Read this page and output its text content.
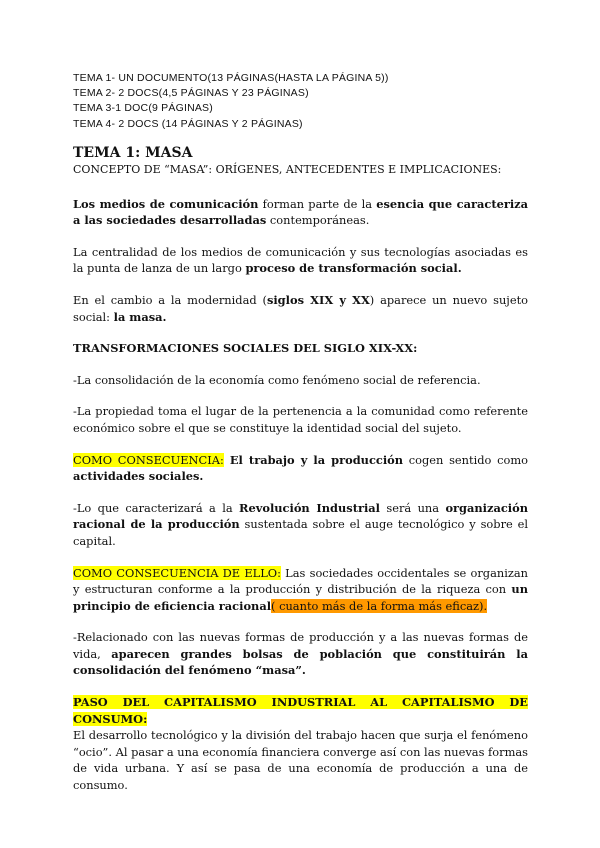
TEMA 1- UN DOCUMENTO(13 PÁGINAS(HASTA LA PÁGINA 5))
TEMA 2- 2 DOCS(4,5 PÁGINAS Y 23 PÁGINAS)
TEMA 3-1 DOC(9 PÁGINAS)
TEMA 4- 2 DOCS (14 PÁGINAS Y 2 PÁGINAS)

TEMA 1: MASA

CONCEPTO DE “MASA”: ORÍGENES, ANTECEDENTES E IMPLICACIONES:

Los medios de comunicación forman parte de la esencia que caracteriza a las sociedades desarrolladas contemporáneas.

La centralidad de los medios de comunicación y sus tecnologías asociadas es la punta de lanza de un largo proceso de transformación social.

En el cambio a la modernidad (siglos XIX y XX) aparece un nuevo sujeto social: la masa.

TRANSFORMACIONES SOCIALES DEL SIGLO XIX-XX:

-La consolidación de la economía como fenómeno social de referencia.

-La propiedad toma el lugar de la pertenencia a la comunidad como referente económico sobre el que se constituye la identidad social del sujeto.

COMO CONSECUENCIA: El trabajo y la producción cogen sentido como actividades sociales.

-Lo que caracterizará a la Revolución Industrial será una organización racional de la producción sustentada sobre el auge tecnológico y sobre el capital.

COMO CONSECUENCIA DE ELLO: Las sociedades occidentales se organizan y estructuran conforme a la producción y distribución de la riqueza con un principio de eficiencia racional( cuanto más de la forma más eficaz).

-Relacionado con las nuevas formas de producción y a las nuevas formas de vida, aparecen grandes bolsas de población que constituirán la consolidación del fenómeno “masa”.

PASO DEL CAPITALISMO INDUSTRIAL AL CAPITALISMO DE CONSUMO:

El desarrollo tecnológico y la división del trabajo hacen que surja el fenómeno “ocio”. Al pasar a una economía financiera converge así con las nuevas formas de vida urbana. Y así se pasa de una economía de producción a una de consumo.
